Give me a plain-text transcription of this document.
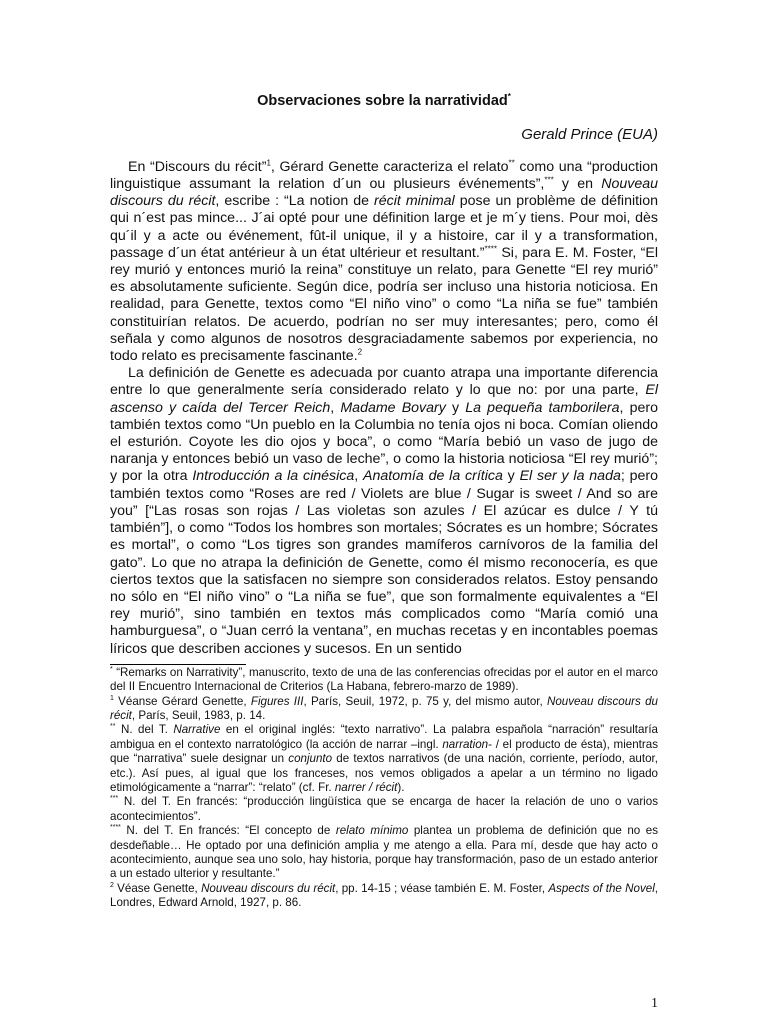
Observaciones sobre la narratividad*
Gerald Prince (EUA)

En “Discours du récit”$^1$, Gérard Genette caracteriza el relato** como una “production linguistique assumant la relation d´un ou plusieurs événements”,*** y en Nouveau discours du récit, escribe : “La notion de récit minimal pose un problème de définition qui n´est pas mince... J´ai opté pour une définition large et je m´y tiens. Pour moi, dès qu´il y a acte ou événement, fût-il unique, il y a histoire, car il y a transformation, passage d´un état antérieur à un état ultérieur et resultant.”**** Si, para E. M. Foster, “El rey murió y entonces murió la reina” constituye un relato, para Genette “El rey murió” es absolutamente suficiente. Según dice, podría ser incluso una historia noticiosa. En realidad, para Genette, textos como “El niño vino” o como “La niña se fue” también constituirían relatos. De acuerdo, podrían no ser muy interesantes; pero, como él señala y como algunos de nosotros desgraciadamente sabemos por experiencia, no todo relato es precisamente fascinante.$^2$

La definición de Genette es adecuada por cuanto atrapa una importante diferencia entre lo que generalmente sería considerado relato y lo que no: por una parte, El ascenso y caída del Tercer Reich, Madame Bovary y La pequeña tamborilera, pero también textos como “Un pueblo en la Columbia no tenía ojos ni boca. Comían oliendo el esturión. Coyote les dio ojos y boca”, o como “María bebió un vaso de jugo de naranja y entonces bebió un vaso de leche”, o como la historia noticiosa “El rey murió”; y por la otra Introducción a la cinésica, Anatomía de la crítica y El ser y la nada; pero también textos como “Roses are red / Violets are blue / Sugar is sweet / And so are you” [“Las rosas son rojas / Las violetas son azules / El azúcar es dulce / Y tú también”], o como “Todos los hombres son mortales; Sócrates es un hombre; Sócrates es mortal”, o como “Los tigres son grandes mamíferos carnívoros de la familia del gato”. Lo que no atrapa la definición de Genette, como él mismo reconocería, es que ciertos textos que la satisfacen no siempre son considerados relatos. Estoy pensando no sólo en “El niño vino” o “La niña se fue”, que son formalmente equivalentes a “El rey murió”, sino también en textos más complicados como “María comió una hamburguesa”, o “Juan cerró la ventana”, en muchas recetas y en incontables poemas líricos que describen acciones y sucesos. En un sentido

* “Remarks on Narrativity”, manuscrito, texto de una de las conferencias ofrecidas por el autor en el marco del II Encuentro Internacional de Criterios (La Habana, febrero-marzo de 1989).

$^1$ Véanse Gérard Genette, Figures III, París, Seuil, 1972, p. 75 y, del mismo autor, Nouveau discours du récit, París, Seuil, 1983, p. 14.

** N. del T. Narrative en el original inglés: “texto narrativo”. La palabra española “narración” resultaría ambigua en el contexto narratológico (la acción de narrar –ingl. narration- / el producto de ésta), mientras que “narrativa” suele designar un conjunto de textos narrativos (de una nación, corriente, período, autor, etc.). Así pues, al igual que los franceses, nos vemos obligados a apelar a un término no ligado etimológicamente a “narrar”: “relato” (cf. Fr. narrer / récit).

*** N. del T. En francés: “producción lingüística que se encarga de hacer la relación de uno o varios acontecimientos”.

**** N. del T. En francés: “El concepto de relato mínimo plantea un problema de definición que no es desdeñable… He optado por una definición amplia y me atengo a ella. Para mí, desde que hay acto o acontecimiento, aunque sea uno solo, hay historia, porque hay transformación, paso de un estado anterior a un estado ulterior y resultante.”

$^2$ Véase Genette, Nouveau discours du récit, pp. 14-15 ; véase también E. M. Foster, Aspects of the Novel, Londres, Edward Arnold, 1927, p. 86.

1
